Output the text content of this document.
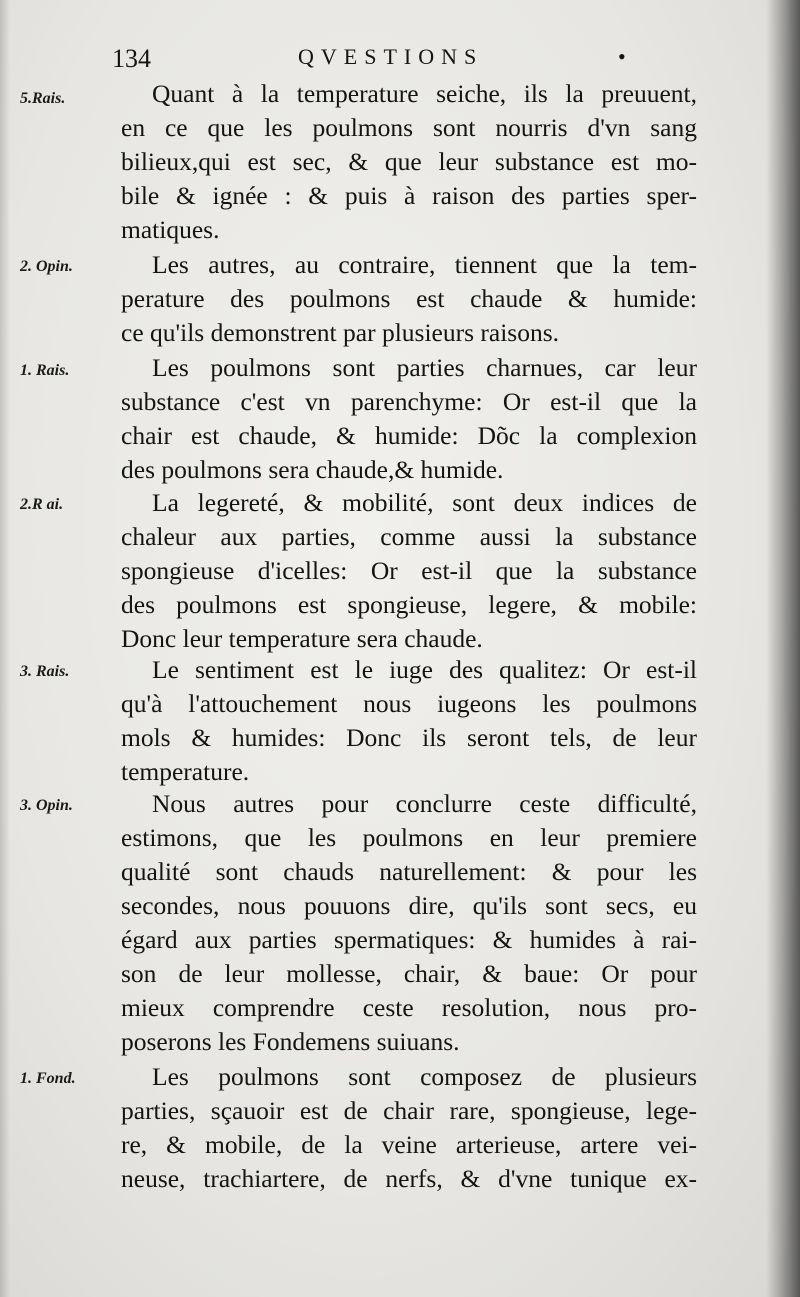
134	QVESTIONS	•
5.Rais.
2. Opin.
1. Rais.
2.R ai.
3. Rais.
3. Opin.
1. Fond.
Quant à la temperature seiche, ils la preuuent,
en ce que les poulmons sont nourris d'vn sang
bilieux,qui est sec, & que leur substance est mo-
bile & ignée : & puis à raison des parties sper-
matiques.
Les autres, au contraire, tiennent que la tem-
perature des poulmons est chaude & humide:
ce qu'ils demonstrent par plusieurs raisons.
Les poulmons sont parties charnues, car leur
substance c'est vn parenchyme: Or est-il que la
chair est chaude, & humide: Dõc la complexion
des poulmons sera chaude,& humide.
La legereté, & mobilité, sont deux indices de
chaleur aux parties, comme aussi la substance
spongieuse d'icelles: Or est-il que la substance
des poulmons est spongieuse, legere, & mobile:
Donc leur temperature sera chaude.
Le sentiment est le iuge des qualitez: Or est-il
qu'à l'attouchement nous iugeons les poulmons
mols & humides: Donc ils seront tels, de leur
temperature.
Nous autres pour conclurre ceste difficulté,
estimons, que les poulmons en leur premiere
qualité sont chauds naturellement: & pour les
secondes, nous pouuons dire, qu'ils sont secs, eu
égard aux parties spermatiques: & humides à rai-
son de leur mollesse, chair, & baue: Or pour
mieux comprendre ceste resolution, nous pro-
poserons les Fondemens suiuans.
Les poulmons sont composez de plusieurs
parties, sçauoir est de chair rare, spongieuse, lege-
re, & mobile, de la veine arterieuse, artere vei-
neuse, trachiartere, de nerfs, & d'vne tunique ex-
